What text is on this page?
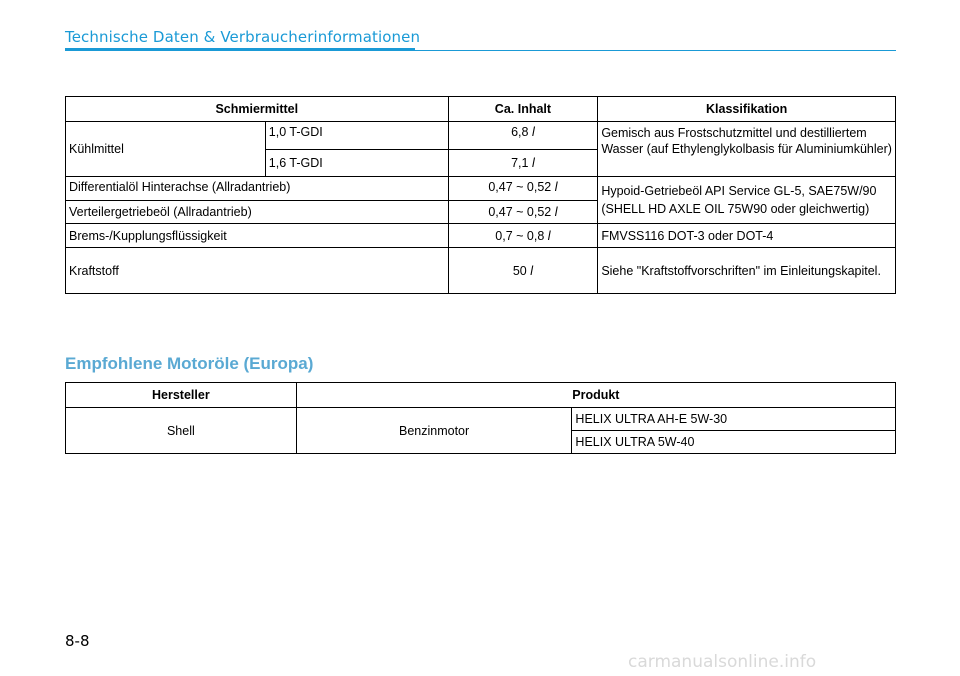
Technische Daten & Verbraucherinformationen
Schmiermittel		Ca. Inhalt	Klassifikation
Kühlmittel	1,0 T-GDI	6,8 l	Gemisch aus Frostschutzmittel und destilliertem Wasser (auf Ethylenglykolbasis für Aluminiumkühler)
	1,6 T-GDI	7,1 l	
Differentialöl Hinterachse (Allradantrieb)		0,47 ~ 0,52 l	Hypoid-Getriebeöl API Service GL-5, SAE75W/90 (SHELL HD AXLE OIL 75W90 oder gleichwertig)
Verteilergetriebeöl (Allradantrieb)		0,47 ~ 0,52 l	
Brems-/Kupplungsflüssigkeit		0,7 ~ 0,8 l	FMVSS116 DOT-3 oder DOT-4
Kraftstoff		50 l	Siehe "Kraftstoffvorschriften" im Einleitungskapitel.
Empfohlene Motoröle (Europa)
Hersteller	Produkt	
Shell	Benzinmotor	HELIX ULTRA AH-E 5W-30
		HELIX ULTRA 5W-40
8-8
carmanualsonline.info
